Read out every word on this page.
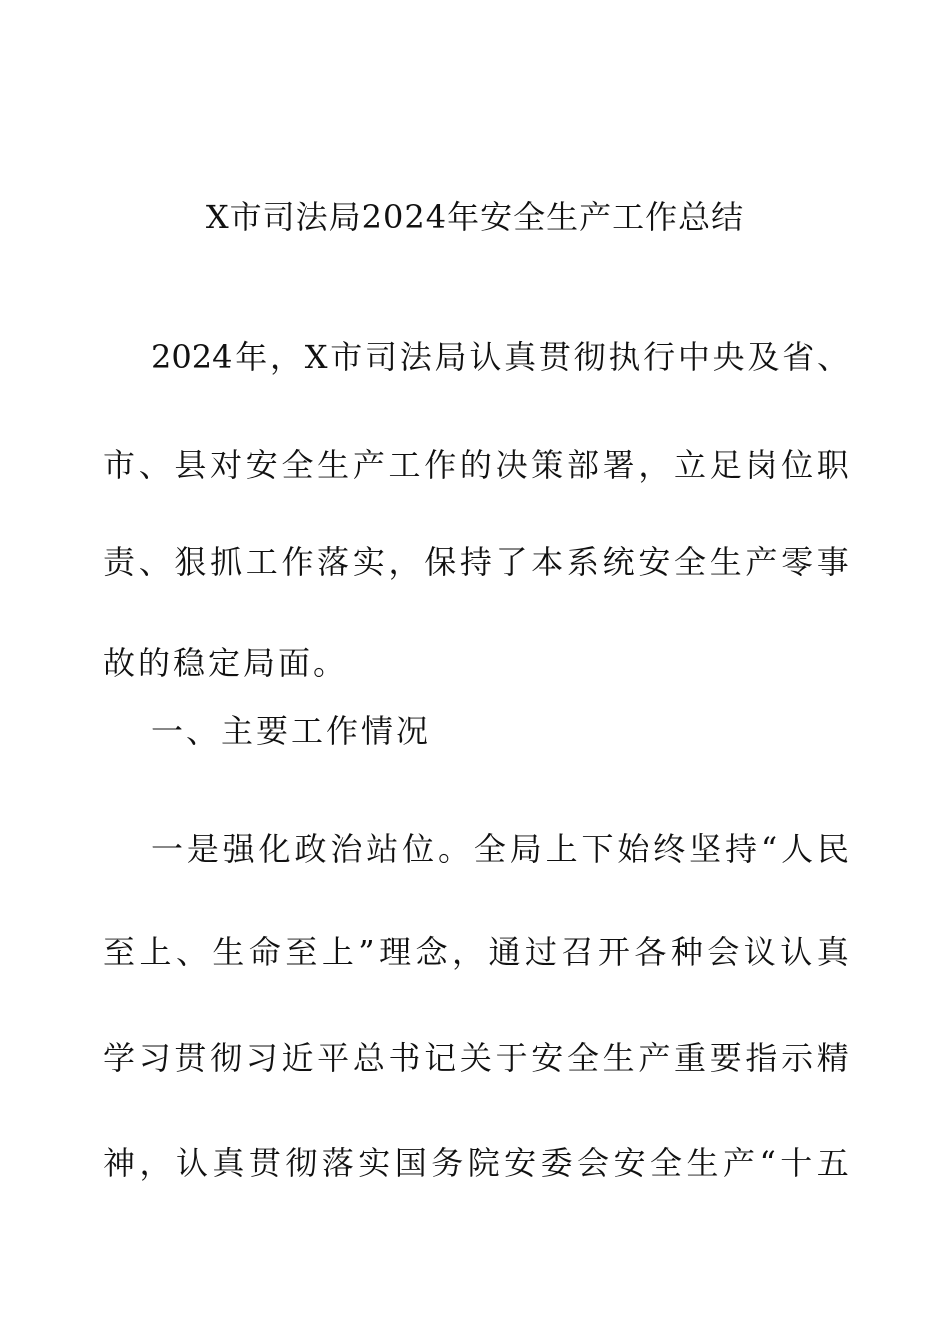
X市司法局2024年安全生产工作总结
2024 年 ， X 市 司 法 局 认 真 贯 彻 执 行 中 央 及 省 、
市 、 县 对 安 全 生 产 工 作 的 决 策 部 署 ， 立 足 岗 位 职
责 、 狠 抓 工 作 落 实 ， 保 持 了 本 系 统 安 全 生 产 零 事
故的稳定局面。
一、主要工作情况
一 是 强 化 政 治 站 位 。 全 局 上 下 始 终 坚 持 “ 人 民
至 上 、 生 命 至 上 ” 理 念 ， 通 过 召 开 各 种 会 议 认 真
学 习 贯 彻 习 近 平 总 书 记 关 于 安 全 生 产 重 要 指 示 精
神 ， 认 真 贯 彻 落 实 国 务 院 安 委 会 安 全 生 产 “ 十 五
